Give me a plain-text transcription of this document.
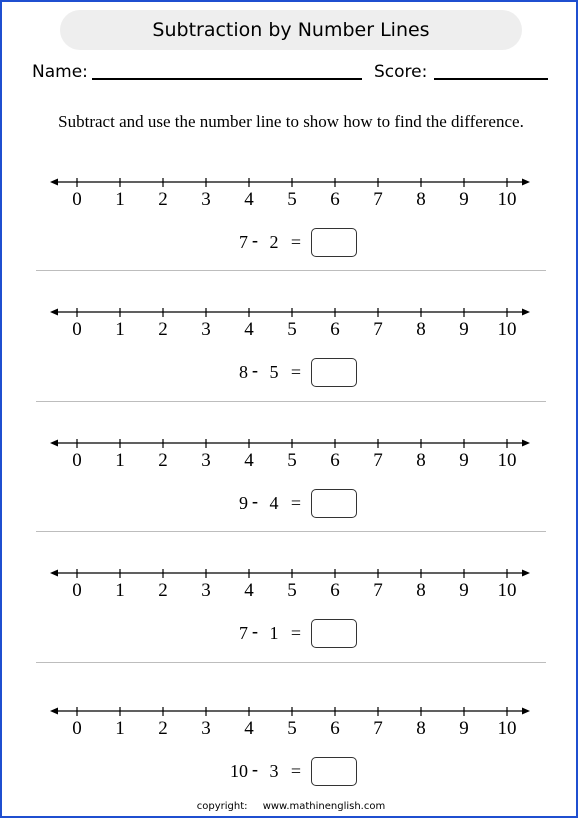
Subtraction by Number Lines
Name:	Score:
Subtract and use the number line to show how to find the difference.
0	1	2	3	4	5	6	7	8	9	10
7 - 2 =
0	1	2	3	4	5	6	7	8	9	10
8 - 5 =
0	1	2	3	4	5	6	7	8	9	10
9 - 4 =
0	1	2	3	4	5	6	7	8	9	10
7 - 1 =
0	1	2	3	4	5	6	7	8	9	10
10 - 3 =
copyright: www.mathinenglish.com
